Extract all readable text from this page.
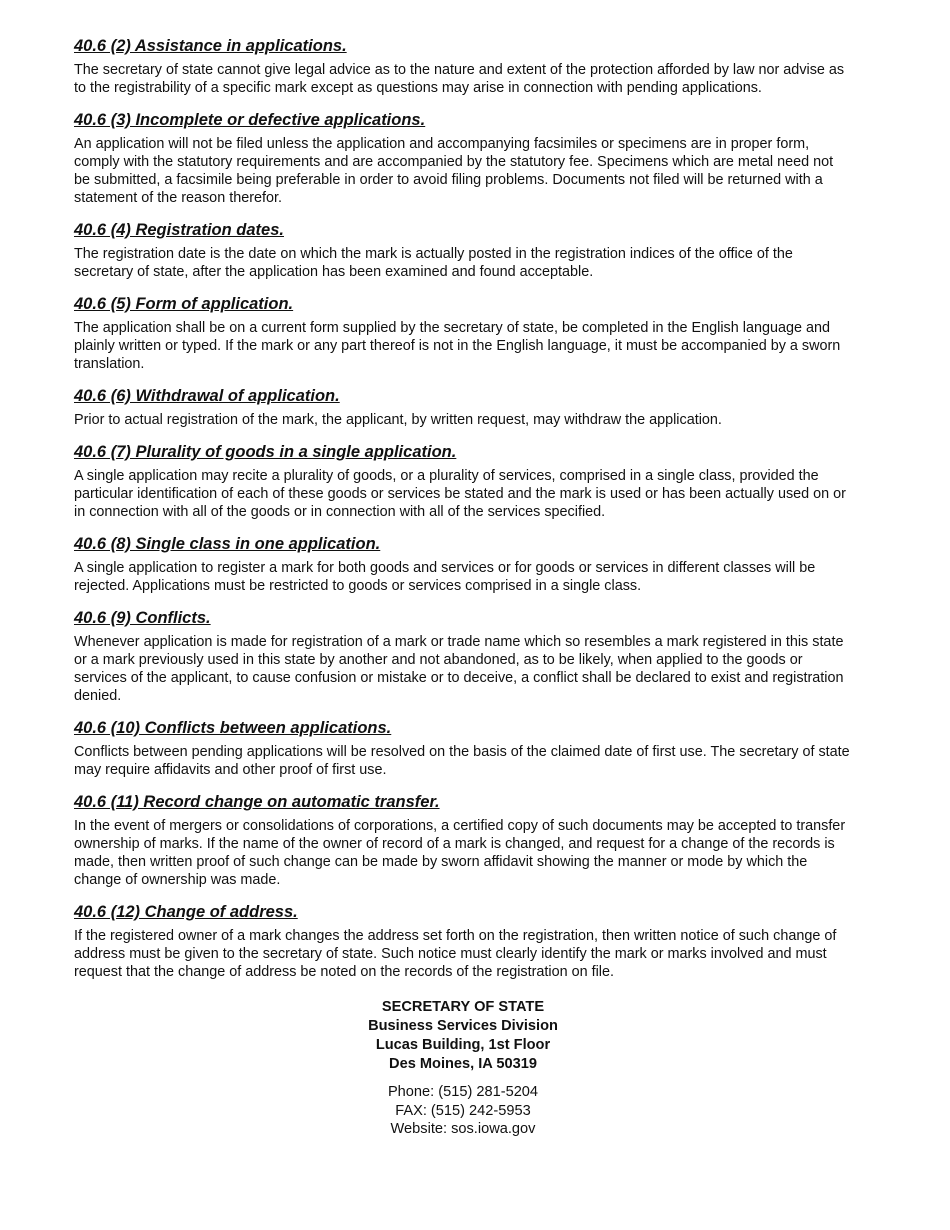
40.6 (2) Assistance in applications.

The secretary of state cannot give legal advice as to the nature and extent of the protection afforded by law nor advise as to the registrability of a specific mark except as questions may arise in connection with pending applications.

40.6 (3) Incomplete or defective applications.

An application will not be filed unless the application and accompanying facsimiles or specimens are in proper form, comply with the statutory requirements and are accompanied by the statutory fee. Specimens which are metal need not be submitted, a facsimile being preferable in order to avoid filing problems. Documents not filed will be returned with a statement of the reason therefor.

40.6 (4) Registration dates.

The registration date is the date on which the mark is actually posted in the registration indices of the office of the secretary of state, after the application has been examined and found acceptable.

40.6 (5) Form of application.

The application shall be on a current form supplied by the secretary of state, be completed in the English language and plainly written or typed. If the mark or any part thereof is not in the English language, it must be accompanied by a sworn translation.

40.6 (6) Withdrawal of application.

Prior to actual registration of the mark, the applicant, by written request, may withdraw the application.

40.6 (7) Plurality of goods in a single application.

A single application may recite a plurality of goods, or a plurality of services, comprised in a single class, provided the particular identification of each of these goods or services be stated and the mark is used or has been actually used on or in connection with all of the goods or in connection with all of the services specified.

40.6 (8) Single class in one application.

A single application to register a mark for both goods and services or for goods or services in different classes will be rejected. Applications must be restricted to goods or services comprised in a single class.

40.6 (9) Conflicts.

Whenever application is made for registration of a mark or trade name which so resembles a mark registered in this state or a mark previously used in this state by another and not abandoned, as to be likely, when applied to the goods or services of the applicant, to cause confusion or mistake or to deceive, a conflict shall be declared to exist and registration denied.

40.6 (10) Conflicts between applications.

Conflicts between pending applications will be resolved on the basis of the claimed date of first use. The secretary of state may require affidavits and other proof of first use.

40.6 (11) Record change on automatic transfer.

In the event of mergers or consolidations of corporations, a certified copy of such documents may be accepted to transfer ownership of marks. If the name of the owner of record of a mark is changed, and request for a change of the records is made, then written proof of such change can be made by sworn affidavit showing the manner or mode by which the change of ownership was made.

40.6 (12) Change of address.

If the registered owner of a mark changes the address set forth on the registration, then written notice of such change of address must be given to the secretary of state. Such notice must clearly identify the mark or marks involved and must request that the change of address be noted on the records of the registration on file.

SECRETARY OF STATE
Business Services Division
Lucas Building, 1st Floor
Des Moines, IA 50319
Phone: (515) 281-5204
FAX: (515) 242-5953
Website: sos.iowa.gov
